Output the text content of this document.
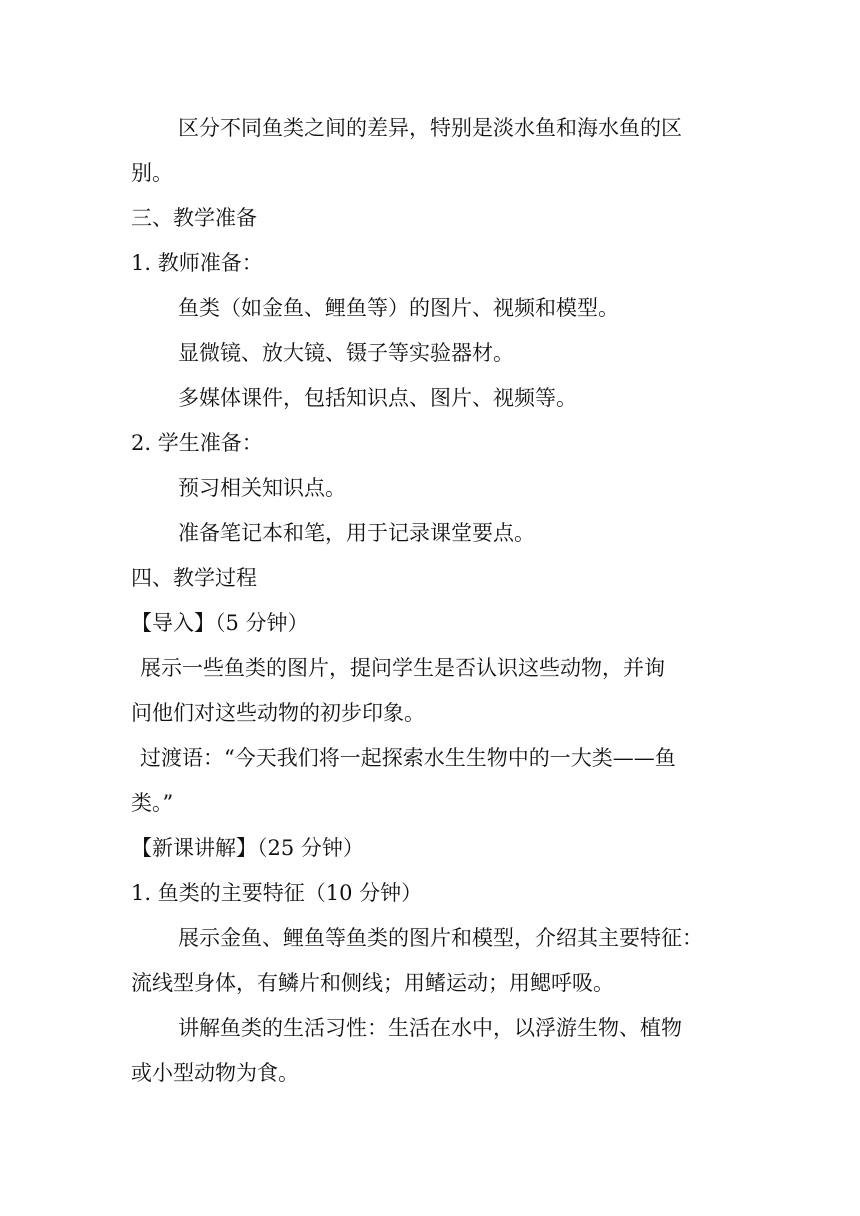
区分不同鱼类之间的差异，特别是淡水鱼和海水鱼的区
别。
三、教学准备
1. 教师准备：
鱼类（如金鱼、鲤鱼等）的图片、视频和模型。
显微镜、放大镜、镊子等实验器材。
多媒体课件，包括知识点、图片、视频等。
2. 学生准备：
预习相关知识点。
准备笔记本和笔，用于记录课堂要点。
四、教学过程
【导入】（5 分钟）
展示一些鱼类的图片，提问学生是否认识这些动物，并询
问他们对这些动物的初步印象。
过渡语：“今天我们将一起探索水生生物中的一大类——鱼
类。”
【新课讲解】（25 分钟）
1. 鱼类的主要特征（10 分钟）
展示金鱼、鲤鱼等鱼类的图片和模型，介绍其主要特征：
流线型身体，有鳞片和侧线；用鳍运动；用鳃呼吸。
讲解鱼类的生活习性：生活在水中，以浮游生物、植物
或小型动物为食。
